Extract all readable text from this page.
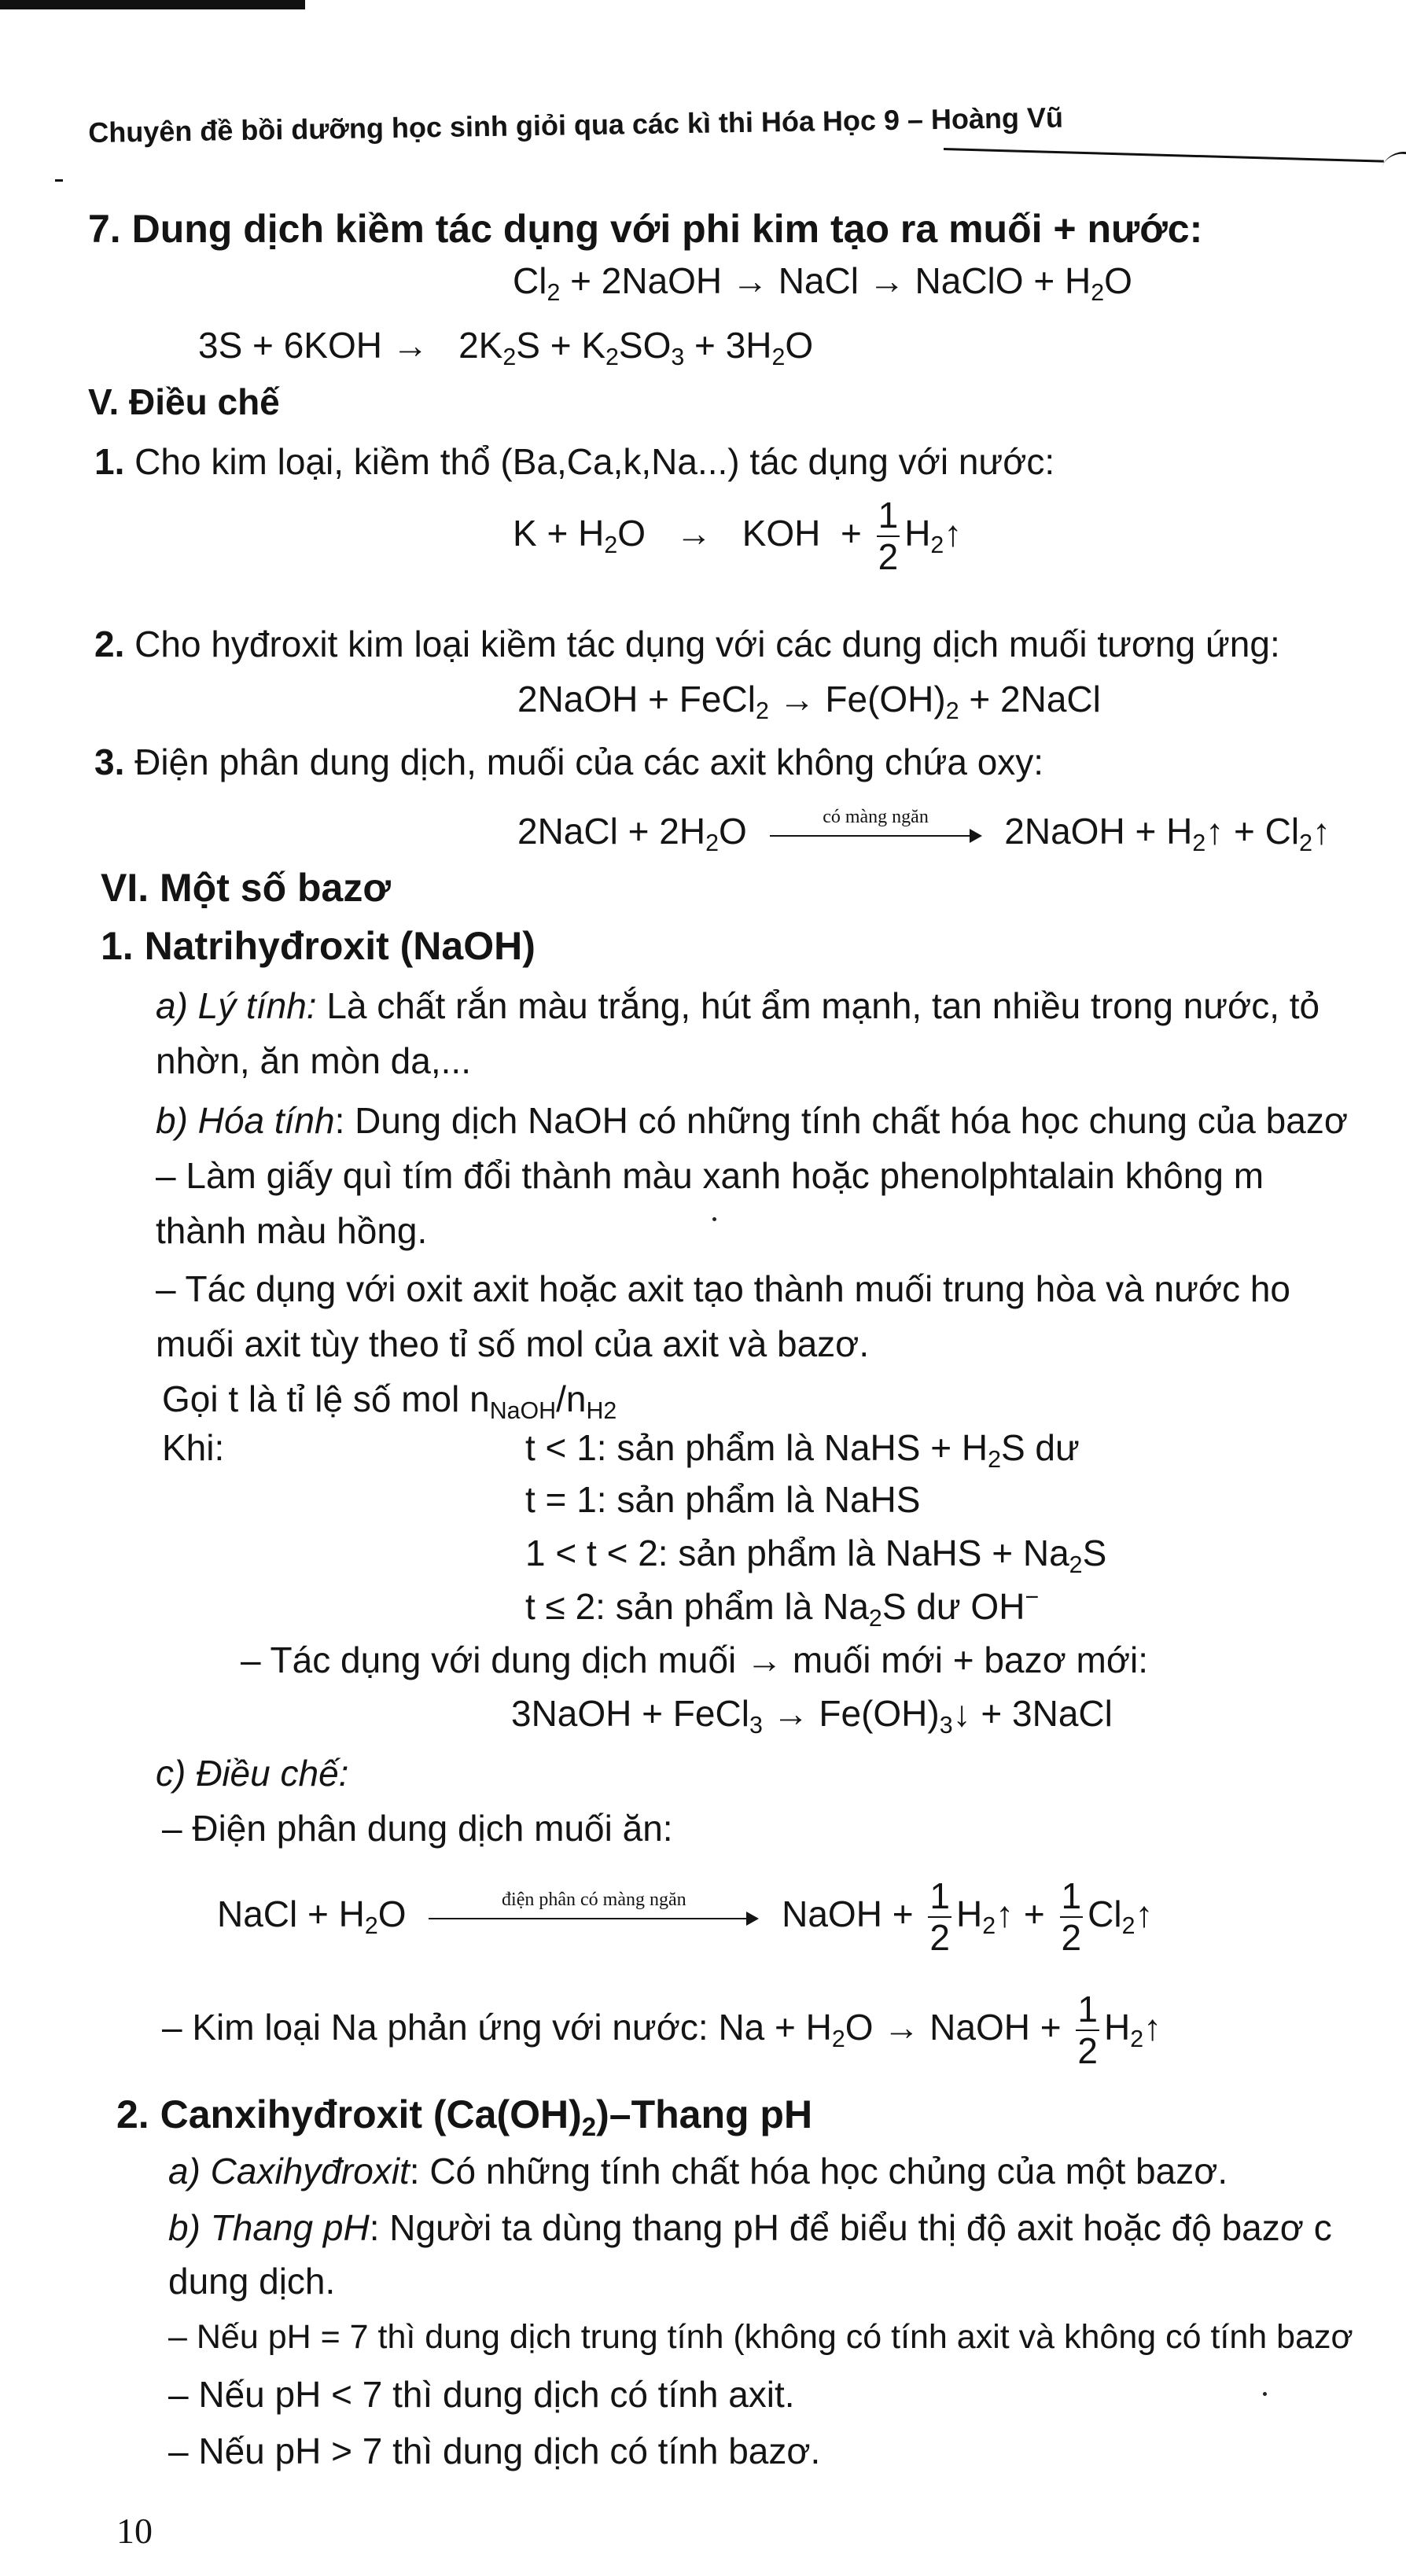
Chuyên đề bồi dưỡng học sinh giỏi qua các kì thi Hóa Học 9 – Hoàng Vũ
7. Dung dịch kiềm tác dụng với phi kim tạo ra muối + nước:
$Cl_2$ + 2NaOH → NaCl → NaClO + $H_2O$
$3S + 6KOH \to 2K_2S + K_2SO_3 + 3H_2O$
V. Điều chế
1. Cho kim loại, kiềm thổ (Ba,Ca,k,Na...) tác dụng với nước:
$K + H_2O$ → KOH + $\frac{1}{2}$ $H_2↑$
2. Cho hyđroxit kim loại kiềm tác dụng với các dung dịch muối tương ứng:
2NaOH + FeCl$_2$ → $Fe(OH)_2$ + 2NaCl
3. Điện phân dung dịch, muối của các axit không chứa oxy:
2NaCl + $2H_2O$	có màng ngăn	2NaOH + $H_2↑$ + $Cl_2↑$
VI. Một số bazơ
1. Natrihyđroxit (NaOH)
a) Lý tính: Là chất rắn màu trắng, hút ẩm mạnh, tan nhiều trong nước, tỏ
nhờn, ăn mòn da,...
b) Hóa tính: Dung dịch NaOH có những tính chất hóa học chung của bazơ
– Làm giấy quì tím đổi thành màu xanh hoặc phenolphtalain không m
thành màu hồng.
– Tác dụng với oxit axit hoặc axit tạo thành muối trung hòa và nước ho
muối axit tùy theo tỉ số mol của axit và bazơ.
Gọi t là tỉ lệ số mol $n_{NaOH}/n_{H2}$
Khi:	t < 1: sản phẩm là NaHS + $H_2S$ dư
t = 1: sản phẩm là NaHS
1 < t < 2: sản phẩm là NaHS + $Na_2S$
t ≤ 2: sản phẩm là $Na_2S$ dư OH−
– Tác dụng với dung dịch muối → muối mới + bazơ mới:
3NaOH + FeCl$_3$ → $Fe(OH)_3↓$ + 3NaCl
c) Điều chế:
– Điện phân dung dịch muối ăn:
NaCl + $H_2O$	điện phân có màng ngăn	NaOH + $\frac{1}{2}$ $H_2↑ + \frac{1}{2}$ $Cl_2↑$
– Kim loại Na phản ứng với nước: $Na + H_2O$ → NaOH + $\frac{1}{2}$ $H_2↑$
2. Canxihyđroxit $(Ca(OH)_2)$–Thang pH
a) Caxihyđroxit: Có những tính chất hóa học chủng của một bazơ.
b) Thang pH: Người ta dùng thang pH để biểu thị độ axit hoặc độ bazơ c
dung dịch.
– Nếu pH = 7 thì dung dịch trung tính (không có tính axit và không có tính bazơ
– Nếu pH < 7 thì dung dịch có tính axit.
– Nếu pH > 7 thì dung dịch có tính bazơ.
10
